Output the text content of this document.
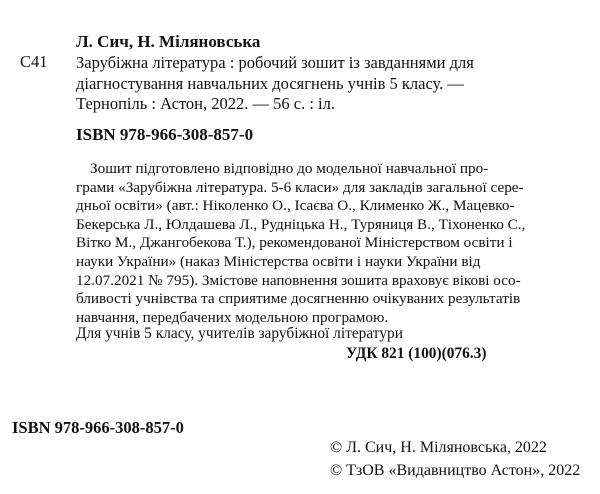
С41
Л. Сич, Н. Міляновська
Зарубіжна література : робочий зошит із завданнями для
діагностування навчальних досягнень учнів 5 класу. —
Тернопіль : Астон, 2022. — 56 с. : іл.
ISBN 978-966-308-857-0
Зошит підготовлено відповідно до модельної навчальної про-
грами «Зарубіжна література. 5-6 класи» для закладів загальної сере-
дньої освіти» (авт.: Ніколенко О., Ісаєва О., Клименко Ж., Мацевко-
Бекерська Л., Юлдашева Л., Рудніцька Н., Туряниця В., Тіхоненко С.,
Вітко М., Джангобекова Т.), рекомендованої Міністерством освіти і
науки України» (наказ Міністерства освіти і науки України від
12.07.2021 № 795). Змістове наповнення зошита враховує вікові осо-
бливості учнівства та сприятиме досягненню очікуваних результатів
навчання, передбачених модельною програмою.
Для учнів 5 класу, учителів зарубіжної літератури
УДК 821 (100)(076.3)
ISBN 978-966-308-857-0
© Л. Сич, Н. Міляновська, 2022
© ТзОВ «Видавництво Астон», 2022
